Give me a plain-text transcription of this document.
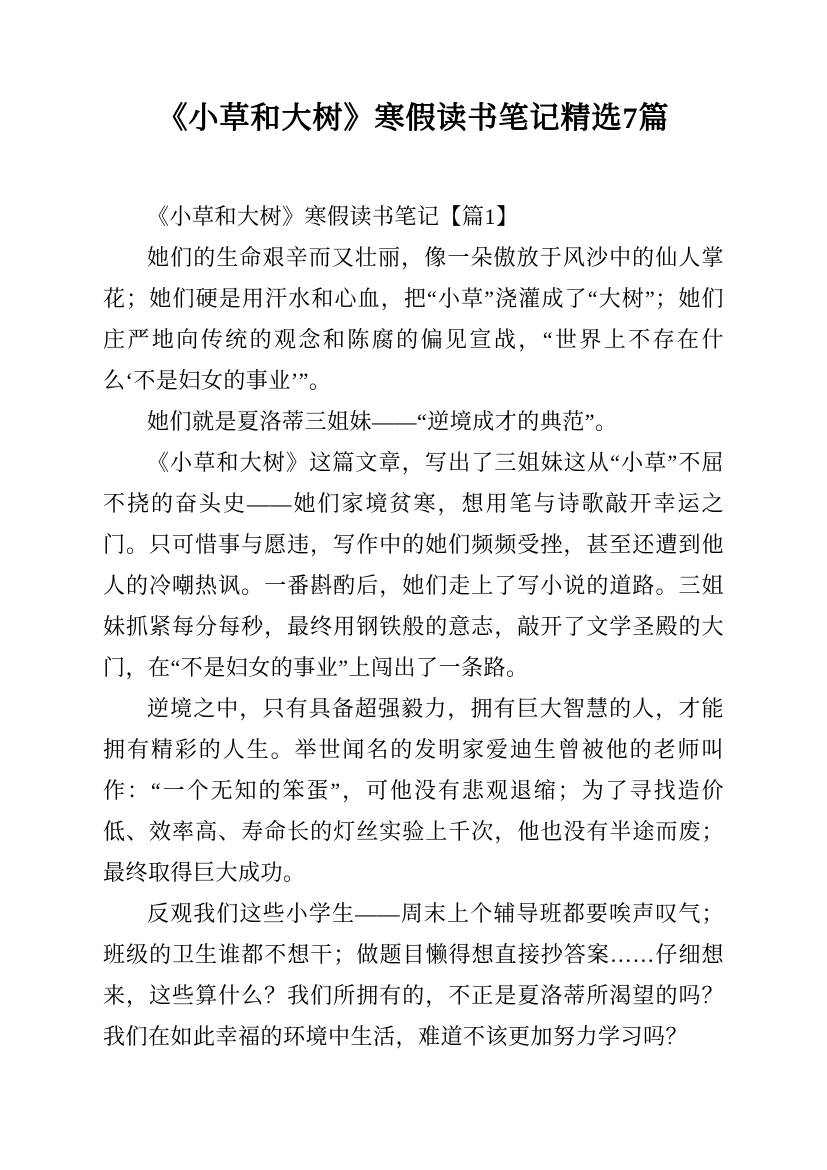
《小草和大树》寒假读书笔记精选7篇

《小草和大树》寒假读书笔记【篇1】

她们的生命艰辛而又壮丽，像一朵傲放于风沙中的仙人掌花；她们硬是用汗水和心血，把“小草”浇灌成了“大树”；她们庄严地向传统的观念和陈腐的偏见宣战，“世界上不存在什么‘不是妇女的事业’”。

她们就是夏洛蒂三姐妹——“逆境成才的典范”。

《小草和大树》这篇文章，写出了三姐妹这从“小草”不屈不挠的奋头史——她们家境贫寒，想用笔与诗歌敲开幸运之门。只可惜事与愿违，写作中的她们频频受挫，甚至还遭到他人的冷嘲热讽。一番斟酌后，她们走上了写小说的道路。三姐妹抓紧每分每秒，最终用钢铁般的意志，敲开了文学圣殿的大门，在“不是妇女的事业”上闯出了一条路。

逆境之中，只有具备超强毅力，拥有巨大智慧的人，才能拥有精彩的人生。举世闻名的发明家爱迪生曾被他的老师叫作：“一个无知的笨蛋”，可他没有悲观退缩；为了寻找造价低、效率高、寿命长的灯丝实验上千次，他也没有半途而废；最终取得巨大成功。

反观我们这些小学生——周末上个辅导班都要唉声叹气；班级的卫生谁都不想干；做题目懒得想直接抄答案……仔细想来，这些算什么？我们所拥有的，不正是夏洛蒂所渴望的吗？我们在如此幸福的环境中生活，难道不该更加努力学习吗？
